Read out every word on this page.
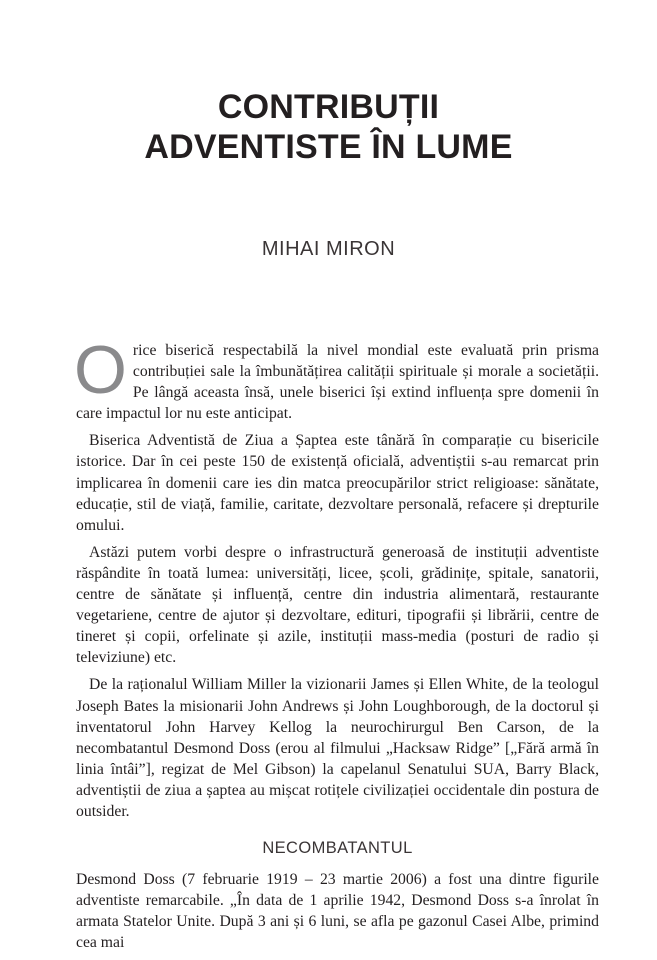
CONTRIBUȚII
ADVENTISTE ÎN LUME
MIHAI MIRON

Orice biserică respectabilă la nivel mondial este evaluată prin prisma contribuției sale la îmbunătățirea calității spirituale și morale a societății. Pe lângă aceasta însă, unele biserici își extind influența spre domenii în care impactul lor nu este anticipat.

Biserica Adventistă de Ziua a Șaptea este tânără în comparație cu bisericile istorice. Dar în cei peste 150 de existență oficială, adventiștii s-au remarcat prin implicarea în domenii care ies din matca preocupărilor strict religioase: sănătate, educație, stil de viață, familie, caritate, dezvoltare personală, refacere și drepturile omului.

Astăzi putem vorbi despre o infrastructură generoasă de instituții adventiste răspândite în toată lumea: universități, licee, școli, grădinițe, spitale, sanatorii, centre de sănătate și influență, centre din industria alimentară, restaurante vegetariene, centre de ajutor și dezvoltare, edituri, tipografii și librării, centre de tineret și copii, orfelinate și azile, instituții mass-media (posturi de radio și televiziune) etc.

De la raționalul William Miller la vizionarii James și Ellen White, de la teologul Joseph Bates la misionarii John Andrews și John Loughborough, de la doctorul și inventatorul John Harvey Kellog la neurochirurgul Ben Carson, de la necombatantul Desmond Doss (erou al filmului „Hacksaw Ridge” [„Fără armă în linia întâi”], regizat de Mel Gibson) la capelanul Senatului SUA, Barry Black, adventiștii de ziua a șaptea au mișcat rotițele civilizației occidentale din postura de outsider.

NECOMBATANTUL

Desmond Doss (7 februarie 1919 – 23 martie 2006) a fost una dintre figurile adventiste remarcabile. „În data de 1 aprilie 1942, Desmond Doss s-a înrolat în armata Statelor Unite. După 3 ani și 6 luni, se afla pe gazonul Casei Albe, primind cea mai
